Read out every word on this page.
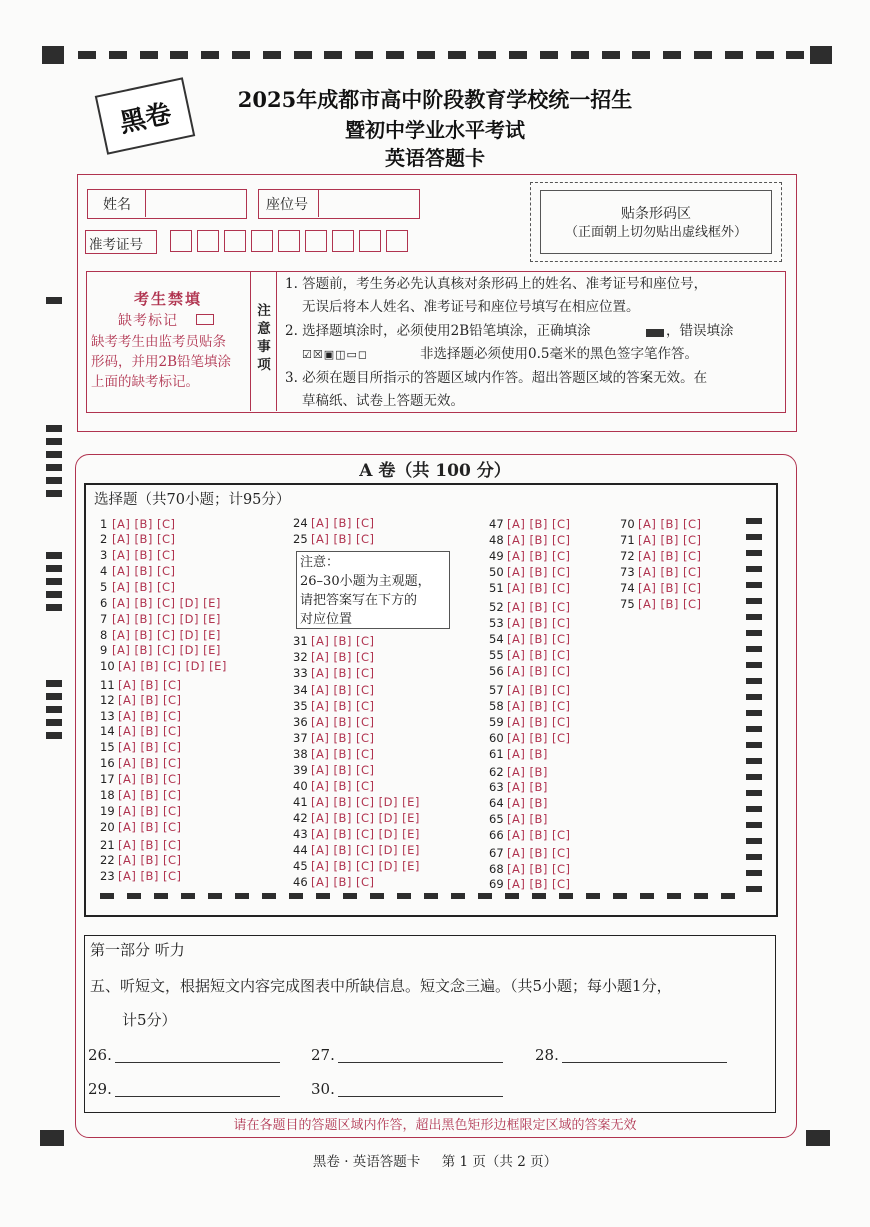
黑卷	2025年成都市高中阶段教育学校统一招生
暨初中学业水平考试
英语答题卡
姓名	座位号
准考证号
贴条形码区
（正面朝上切勿贴出虚线框外）
考生禁填
缺考标记
缺考考生由监考员贴条
形码，并用2B铅笔填涂
上面的缺考标记。
注
意
事
项
1. 答题前，考生务必先认真核对条形码上的姓名、准考证号和座位号，
无误后将本人姓名、准考证号和座位号填写在相应位置。
2. 选择题填涂时，必须使用2B铅笔填涂，正确填涂	，错误填涂
☑☒▣◫▭◻	非选择题必须使用0.5毫米的黑色签字笔作答。
3. 必须在题目所指示的答题区域内作答。超出答题区域的答案无效。在
草稿纸、试卷上答题无效。
A 卷（共 100 分）
选择题（共70小题；计95分）
注意：
26–30小题为主观题，
请把答案写在下方的
对应位置
1 [A] [B] [C]
2 [A] [B] [C]
3 [A] [B] [C]
4 [A] [B] [C]
5 [A] [B] [C]
6 [A] [B] [C] [D] [E]
7 [A] [B] [C] [D] [E]
8 [A] [B] [C] [D] [E]
9 [A] [B] [C] [D] [E]
10 [A] [B] [C] [D] [E]
11 [A] [B] [C]
12 [A] [B] [C]
13 [A] [B] [C]
14 [A] [B] [C]
15 [A] [B] [C]
16 [A] [B] [C]
17 [A] [B] [C]
18 [A] [B] [C]
19 [A] [B] [C]
20 [A] [B] [C]
21 [A] [B] [C]
22 [A] [B] [C]
23 [A] [B] [C]
24 [A] [B] [C]
25 [A] [B] [C]
31 [A] [B] [C]
32 [A] [B] [C]
33 [A] [B] [C]
34 [A] [B] [C]
35 [A] [B] [C]
36 [A] [B] [C]
37 [A] [B] [C]
38 [A] [B] [C]
39 [A] [B] [C]
40 [A] [B] [C]
41 [A] [B] [C] [D] [E]
42 [A] [B] [C] [D] [E]
43 [A] [B] [C] [D] [E]
44 [A] [B] [C] [D] [E]
45 [A] [B] [C] [D] [E]
46 [A] [B] [C]
47 [A] [B] [C]
48 [A] [B] [C]
49 [A] [B] [C]
50 [A] [B] [C]
51 [A] [B] [C]
52 [A] [B] [C]
53 [A] [B] [C]
54 [A] [B] [C]
55 [A] [B] [C]
56 [A] [B] [C]
57 [A] [B] [C]
58 [A] [B] [C]
59 [A] [B] [C]
60 [A] [B] [C]
61 [A] [B]
62 [A] [B]
63 [A] [B]
64 [A] [B]
65 [A] [B]
66 [A] [B] [C]
67 [A] [B] [C]
68 [A] [B] [C]
69 [A] [B] [C]
70 [A] [B] [C]
71 [A] [B] [C]
72 [A] [B] [C]
73 [A] [B] [C]
74 [A] [B] [C]
75 [A] [B] [C]
第一部分 听力
五、听短文，根据短文内容完成图表中所缺信息。短文念三遍。（共5小题；每小题1分，
计5分）
26.	27.	28.
29.	30.
请在各题目的答题区域内作答，超出黑色矩形边框限定区域的答案无效
黑卷 · 英语答题卡     第 1 页（共 2 页）
